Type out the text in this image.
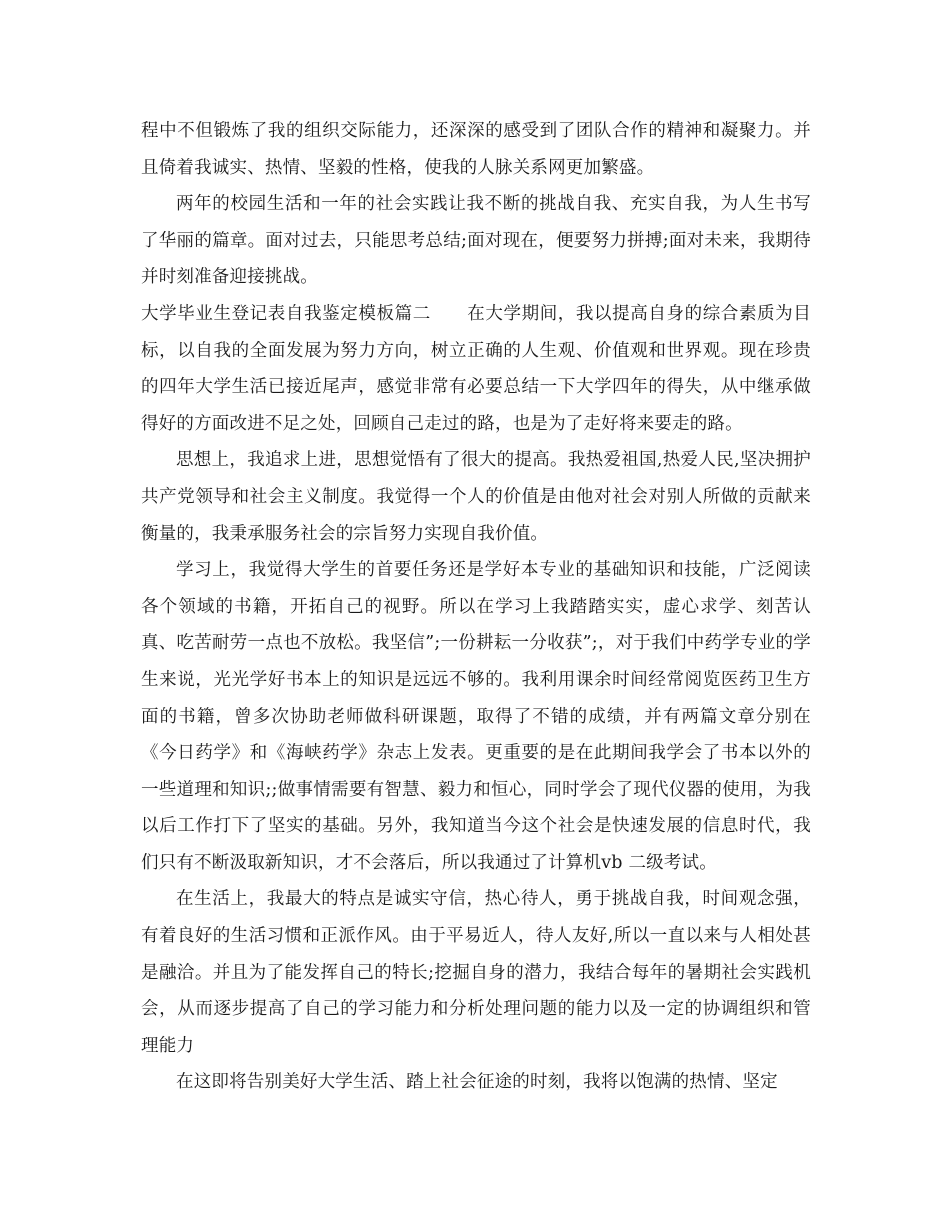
程中不但锻炼了我的组织交际能力，还深深的感受到了团队合作的精神和凝聚力。并且倚着我诚实、热情、坚毅的性格，使我的人脉关系网更加繁盛。

两年的校园生活和一年的社会实践让我不断的挑战自我、充实自我，为人生书写了华丽的篇章。面对过去，只能思考总结;面对现在，便要努力拼搏;面对未来，我期待并时刻准备迎接挑战。

大学毕业生登记表自我鉴定模板篇二 在大学期间，我以提高自身的综合素质为目标，以自我的全面发展为努力方向，树立正确的人生观、价值观和世界观。现在珍贵的四年大学生活已接近尾声，感觉非常有必要总结一下大学四年的得失，从中继承做得好的方面改进不足之处，回顾自己走过的路，也是为了走好将来要走的路。

思想上，我追求上进，思想觉悟有了很大的提高。我热爱祖国,热爱人民,坚决拥护共产党领导和社会主义制度。我觉得一个人的价值是由他对社会对别人所做的贡献来衡量的，我秉承服务社会的宗旨努力实现自我价值。

学习上，我觉得大学生的首要任务还是学好本专业的基础知识和技能，广泛阅读各个领域的书籍，开拓自己的视野。所以在学习上我踏踏实实，虚心求学、刻苦认真、吃苦耐劳一点也不放松。我坚信”;一份耕耘一分收获”;，对于我们中药学专业的学生来说，光光学好书本上的知识是远远不够的。我利用课余时间经常阅览医药卫生方面的书籍，曾多次协助老师做科研课题，取得了不错的成绩，并有两篇文章分别在《今日药学》和《海峡药学》杂志上发表。更重要的是在此期间我学会了书本以外的一些道理和知识;;做事情需要有智慧、毅力和恒心，同时学会了现代仪器的使用，为我以后工作打下了坚实的基础。另外，我知道当今这个社会是快速发展的信息时代，我们只有不断汲取新知识，才不会落后，所以我通过了计算机vb 二级考试。

在生活上，我最大的特点是诚实守信，热心待人，勇于挑战自我，时间观念强，有着良好的生活习惯和正派作风。由于平易近人，待人友好,所以一直以来与人相处甚是融洽。并且为了能发挥自己的特长;挖掘自身的潜力，我结合每年的暑期社会实践机会，从而逐步提高了自己的学习能力和分析处理问题的能力以及一定的协调组织和管理能力

在这即将告别美好大学生活、踏上社会征途的时刻，我将以饱满的热情、坚定
